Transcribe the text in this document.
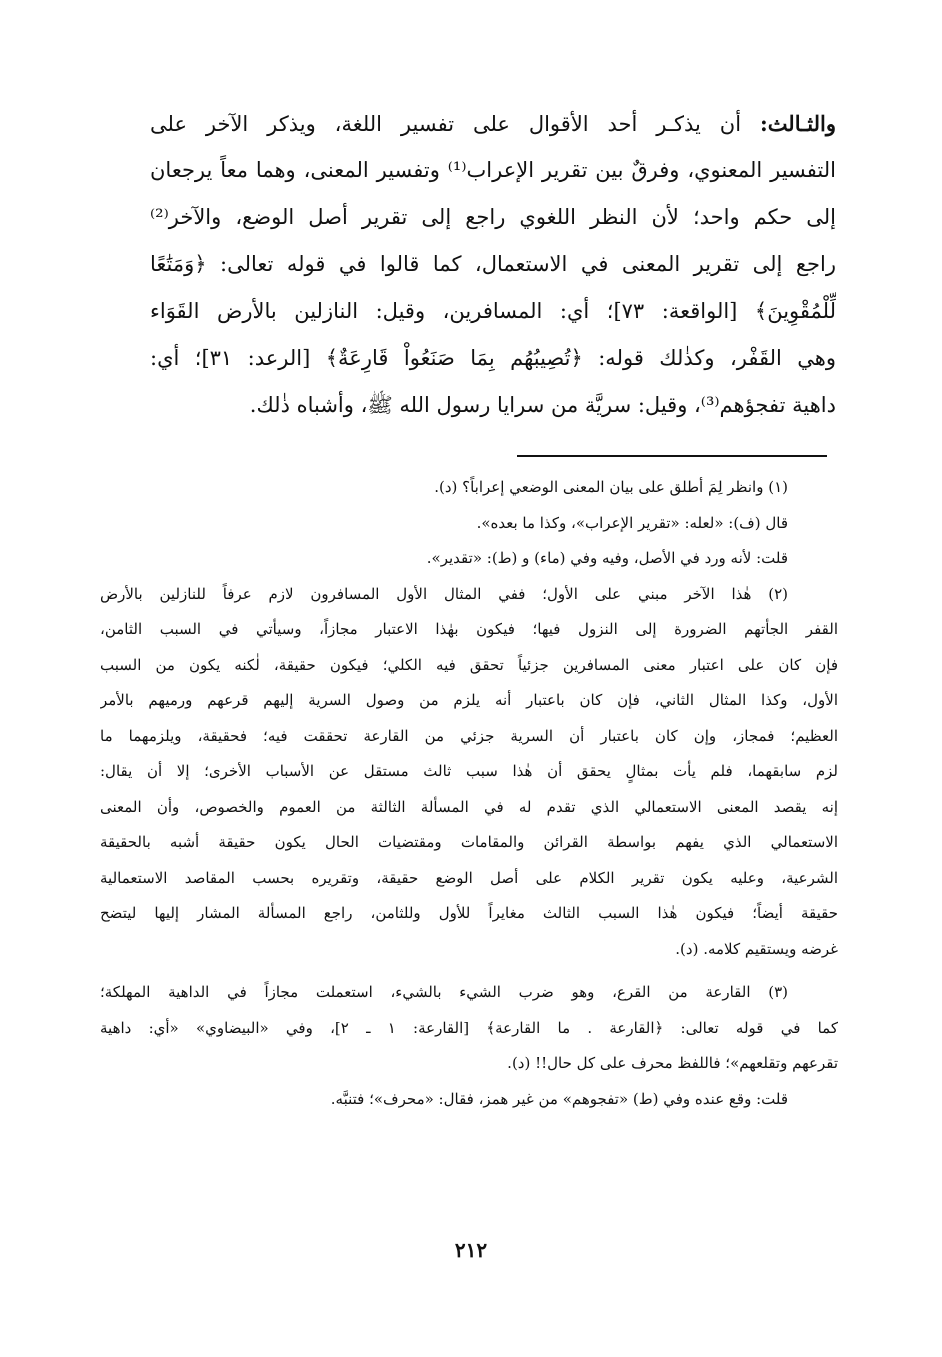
والثـالث: أن يذكـر أحد الأقوال على تفسير اللغة، ويذكر الآخر على
التفسير المعنوي، وفرقٌ بين تقرير الإعراب⁽¹⁾ وتفسير المعنى، وهما معاً يرجعان
إلى حكم واحد؛ لأن النظر اللغوي راجع إلى تقرير أصل الوضع، والآخر⁽²⁾
راجع إلى تقرير المعنى في الاستعمال، كما قالوا في قوله تعالى: ﴿وَمَتَٰعًا
لِّلْمُقْوِينَ﴾ [الواقعة: ٧٣]؛ أي: المسافرين، وقيل: النازلين بالأرض القَوَاء
وهي القَفْر، وكذٰلك قوله: ﴿تُصِيبُهُم بِمَا صَنَعُواْ قَارِعَةٌ﴾ [الرعد: ٣١]؛ أي:
داهية تفجؤهم⁽³⁾، وقيل: سريَّة من سرايا رسول الله ﷺ، وأشباه ذٰلك.
(١) وانظر لِمَ أطلق على بيان المعنى الوضعي إعراباً؟ (د).
قال (ف): «لعله: «تقرير الإعراب»، وكذا ما بعده».
قلت: لأنه ورد في الأصل، وفيه وفي (ماء) و (ط): «تقدير».
(٢) هٰذا الآخر مبني على الأول؛ ففي المثال الأول المسافرون لازم عرفاً للنازلين بالأرض
القفر الجأتهم الضرورة إلى النزول فيها؛ فيكون بهٰذا الاعتبار مجازاً، وسيأتي في السبب الثامن،
فإن كان على اعتبار معنى المسافرين جزئياً تحقق فيه الكلي؛ فيكون حقيقة، لٰكنه يكون من السبب
الأول، وكذا المثال الثاني، فإن كان باعتبار أنه يلزم من وصول السرية إليهم قرعهم ورميهم بالأمر
العظيم؛ فمجاز، وإن كان باعتبار أن السرية جزئي من القارعة تحققت فيه؛ فحقيقة، ويلزمهما ما
لزم سابقهما، فلم يأت بمثالٍ يحقق أن هٰذا سبب ثالث مستقل عن الأسباب الأخرى؛ إلا أن يقال:
إنه يقصد المعنى الاستعمالي الذي تقدم له في المسألة الثالثة من العموم والخصوص، وأن المعنى
الاستعمالي الذي يفهم بواسطة القرائن والمقامات ومقتضيات الحال يكون حقيقة أشبه بالحقيقة
الشرعية، وعليه يكون تقرير الكلام على أصل الوضع حقيقة، وتقريره بحسب المقاصد الاستعمالية
حقيقة أيضاً؛ فيكون هٰذا السبب الثالث مغايراً للأول وللثامن، راجع المسألة المشار إليها ليتضح
غرضه ويستقيم كلامه. (د).
(٣) القارعة من القرع، وهو ضرب الشيء بالشيء، استعملت مجازاً في الداهية المهلكة؛
كما في قوله تعالى: ﴿القارعة . ما القارعة﴾ [القارعة: ١ ـ ٢]، وفي «البيضاوي» «أي: داهية
تقرعهم وتقلعهم»؛ فاللفظ محرف على كل حال!! (د).
قلت: وقع عنده وفي (ط) «تفجوهم» من غير همز، فقال: «محرف»؛ فتنبَّه.
٢١٢
